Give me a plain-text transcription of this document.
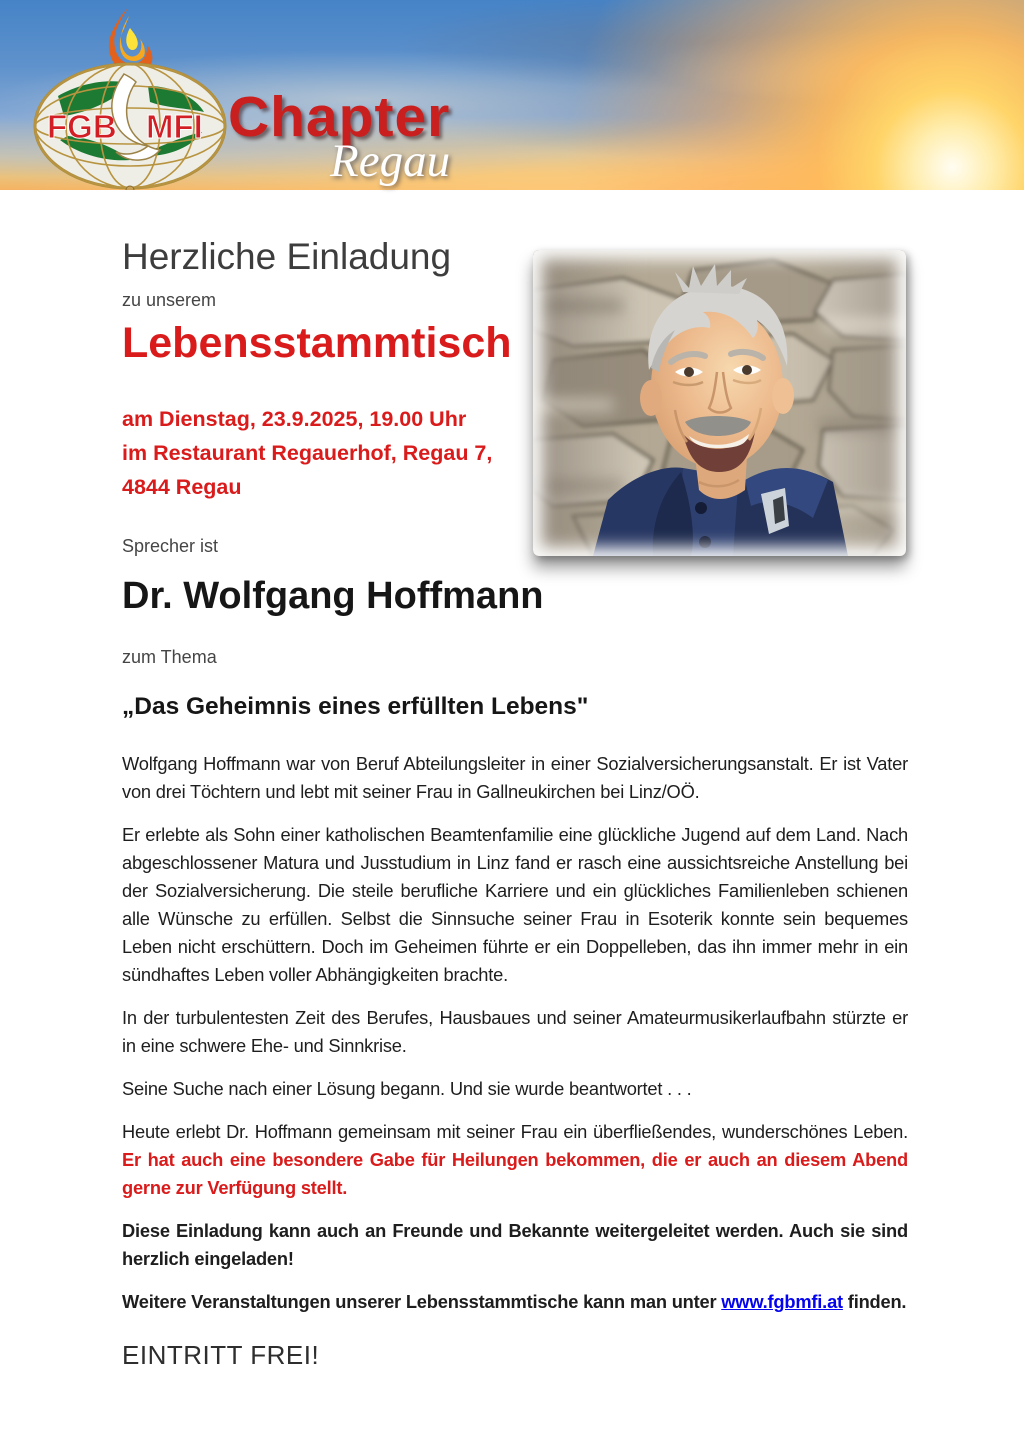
FGB MFI Chapter
Regau
Herzliche Einladung
zu unserem
Lebensstammtisch
am Dienstag, 23.9.2025, 19.00 Uhr
im Restaurant Regauerhof, Regau 7,
4844 Regau
Sprecher ist
Dr. Wolfgang Hoffmann
zum Thema
„Das Geheimnis eines erfüllten Lebens"

Wolfgang Hoffmann war von Beruf Abteilungsleiter in einer Sozialversicherungsanstalt. Er ist Vater von drei Töchtern und lebt mit seiner Frau in Gallneukirchen bei Linz/OÖ.

Er erlebte als Sohn einer katholischen Beamtenfamilie eine glückliche Jugend auf dem Land. Nach abgeschlossener Matura und Jusstudium in Linz fand er rasch eine aussichtsreiche Anstellung bei der Sozialversicherung. Die steile berufliche Karriere und ein glückliches Familienleben schienen alle Wünsche zu erfüllen. Selbst die Sinnsuche seiner Frau in Esoterik konnte sein bequemes Leben nicht erschüttern. Doch im Geheimen führte er ein Doppelleben, das ihn immer mehr in ein sündhaftes Leben voller Abhängigkeiten brachte.

In der turbulentesten Zeit des Berufes, Hausbaues und seiner Amateurmusikerlaufbahn stürzte er in eine schwere Ehe- und Sinnkrise.

Seine Suche nach einer Lösung begann. Und sie wurde beantwortet . . .

Heute erlebt Dr. Hoffmann gemeinsam mit seiner Frau ein überfließendes, wunderschönes Leben. Er hat auch eine besondere Gabe für Heilungen bekommen, die er auch an diesem Abend gerne zur Verfügung stellt.

Diese Einladung kann auch an Freunde und Bekannte weitergeleitet werden. Auch sie sind herzlich eingeladen!

Weitere Veranstaltungen unserer Lebensstammtische kann man unter www.fgbmfi.at finden.

EINTRITT FREI!
